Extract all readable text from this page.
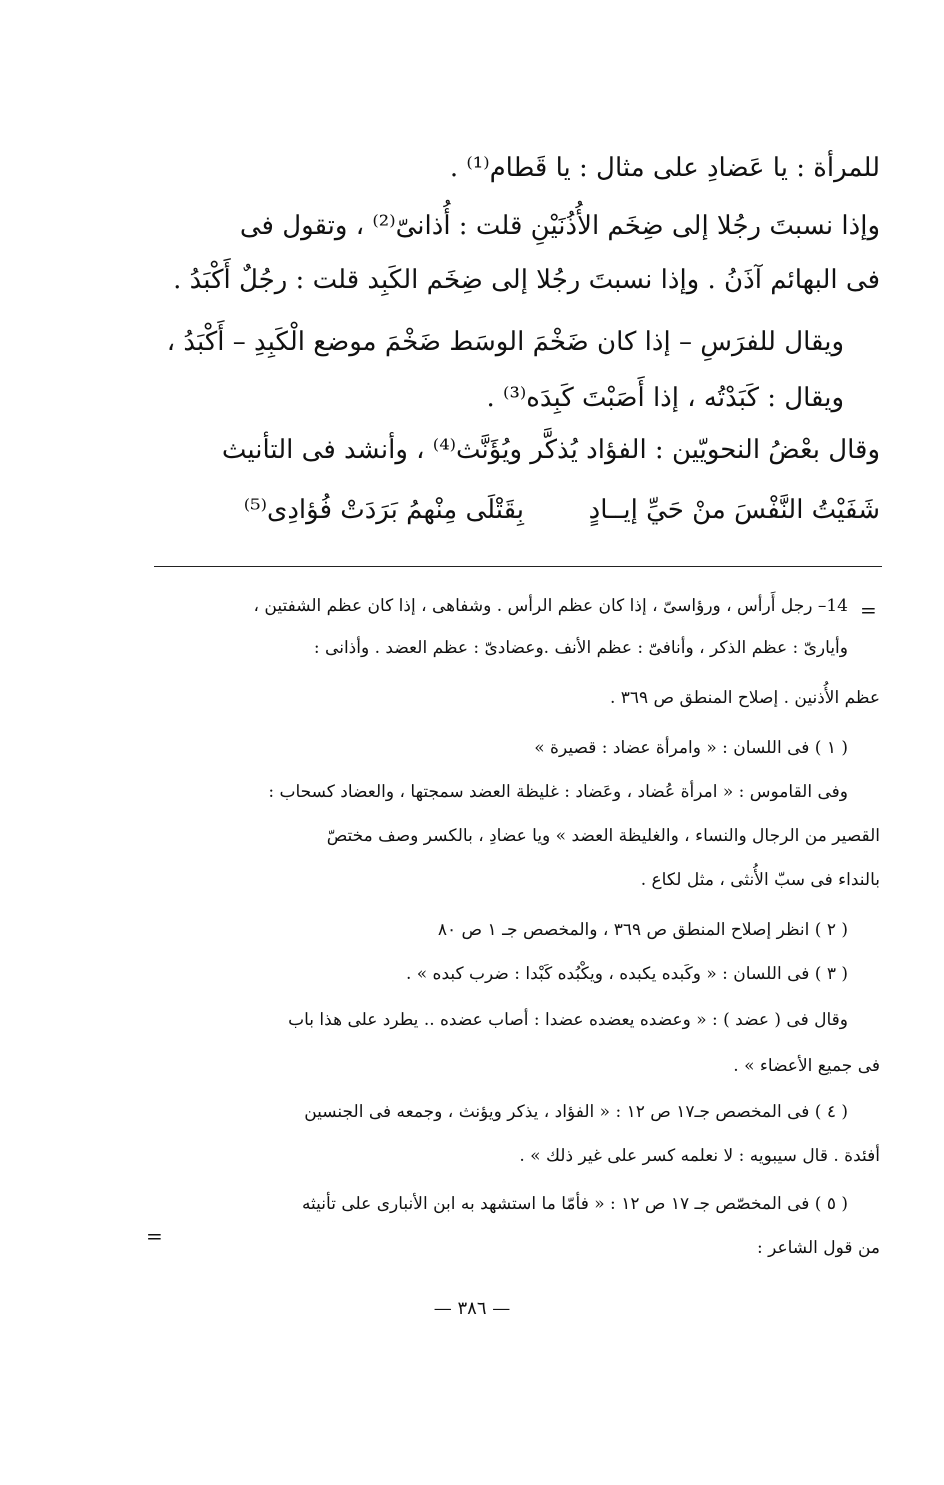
للمرأة : يا عَضادِ على مثال : يا قَطام⁽¹⁾ .
وإذا نسبتَ رجُلا إلى ضِخَم الأُذُنَيْنِ قلت : أُذانىّ⁽²⁾ ، وتقول فى
فى البهائم آذَنُ . وإذا نسبتَ رجُلا إلى ضِخَم الكَبِد قلت : رجُلٌ أَكْبَدُ .
ويقال للفرَسِ – إذا كان ضَخْمَ الوسَط ضَخْمَ موضع الْكَبِدِ – أَكْبَدُ ،
ويقال : كَبَدْتُه ، إذا أَصَبْتَ كَبِدَه⁽³⁾ .
وقال بعْضُ النحويّين : الفؤاد يُذكَّر ويُؤَنَّث⁽⁴⁾ ، وأنشد فى التأنيث
شَفَيْتُ النَّفْسَ منْ حَيِّ إيــادٍ
بِقَتْلَى مِنْهمُ بَرَدَتْ فُؤادِى⁽⁵⁾
=
14– رجل أَرأس ، ورؤاسىّ ، إذا كان عظم الرأس . وشفاهى ، إذا كان عظم الشفتين ،
وأيارىّ : عظم الذكر ، وأنافىّ : عظم الأنف .وعضادىّ : عظم العضد . وأذانى :
عظم الأُذنين . إصلاح المنطق ص ٣٦٩ .
( ١ ) فى اللسان : « وامرأة عضاد : قصيرة »
وفى القاموس : « امرأة عُضاد ، وعَضاد : غليظة العضد سمجتها ، والعضاد كسحاب :
القصير من الرجال والنساء ، والغليظة العضد » ويا عضادِ ، بالكسر وصف مختصّ
بالنداء فى سبّ الأُنثى ، مثل لكاع .
( ٢ ) انظر إصلاح المنطق ص ٣٦٩ ، والمخصص جـ ١ ص ٨٠
( ٣ ) فى اللسان : « وكَبده يكبده ، ويكْبُده كَبْدا : ضرب كبده » .
وقال فى ( عضد ) : « وعضده يعضده عضدا : أصاب عضده .. يطرد على هذا باب
فى جميع الأعضاء » .
( ٤ ) فى المخصص جـ١٧ ص ١٢ : « الفؤاد ، يذكر ويؤنث ، وجمعه فى الجنسين
أفئدة . قال سيبويه : لا نعلمه كسر على غير ذلك » .
( ٥ ) فى المخصّص جـ ١٧ ص ١٢ : « فأمّا ما استشهد به ابن الأنبارى على تأنيثه
من قول الشاعر :
=
— ٣٨٦ —
